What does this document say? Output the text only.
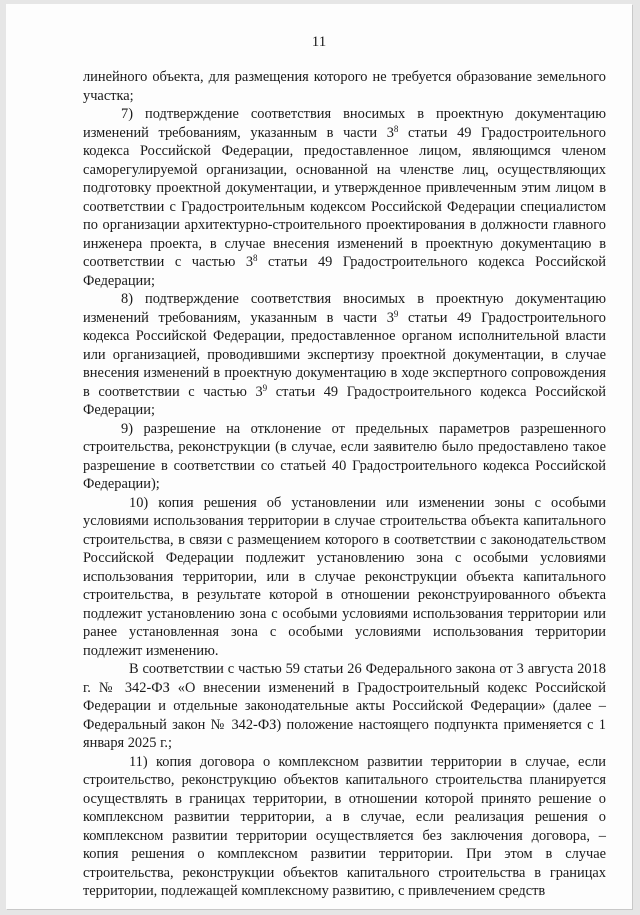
11

линейного объекта, для размещения которого не требуется образование земельного участка;

7) подтверждение соответствия вносимых в проектную документацию изменений требованиям, указанным в части $3^8$ статьи 49 Градостроительного кодекса Российской Федерации, предоставленное лицом, являющимся членом саморегулируемой организации, основанной на членстве лиц, осуществляющих подготовку проектной документации, и утвержденное привлеченным этим лицом в соответствии с Градостроительным кодексом Российской Федерации специалистом по организации архитектурно-строительного проектирования в должности главного инженера проекта, в случае внесения изменений в проектную документацию в соответствии с частью $3^8$ статьи 49 Градостроительного кодекса Российской Федерации;

8) подтверждение соответствия вносимых в проектную документацию изменений требованиям, указанным в части $3^9$ статьи 49 Градостроительного кодекса Российской Федерации, предоставленное органом исполнительной власти или организацией, проводившими экспертизу проектной документации, в случае внесения изменений в проектную документацию в ходе экспертного сопровождения в соответствии с частью $3^9$ статьи 49 Градостроительного кодекса Российской Федерации;

9) разрешение на отклонение от предельных параметров разрешенного строительства, реконструкции (в случае, если заявителю было предоставлено такое разрешение в соответствии со статьей 40 Градостроительного кодекса Российской Федерации);

10) копия решения об установлении или изменении зоны с особыми условиями использования территории в случае строительства объекта капитального строительства, в связи с размещением которого в соответствии с законодательством Российской Федерации подлежит установлению зона с особыми условиями использования территории, или в случае реконструкции объекта капитального строительства, в результате которой в отношении реконструированного объекта подлежит установлению зона с особыми условиями использования территории или ранее установленная зона с особыми условиями использования территории подлежит изменению.

В соответствии с частью 59 статьи 26 Федерального закона от 3 августа 2018 г. № 342-ФЗ «О внесении изменений в Градостроительный кодекс Российской Федерации и отдельные законодательные акты Российской Федерации» (далее – Федеральный закон № 342-ФЗ) положение настоящего подпункта применяется с 1 января 2025 г.;

11) копия договора о комплексном развитии территории в случае, если строительство, реконструкцию объектов капитального строительства планируется осуществлять в границах территории, в отношении которой принято решение о комплексном развитии территории, а в случае, если реализация решения о комплексном развитии территории осуществляется без заключения договора, – копия решения о комплексном развитии территории. При этом в случае строительства, реконструкции объектов капитального строительства в границах территории, подлежащей комплексному развитию, с привлечением средств
